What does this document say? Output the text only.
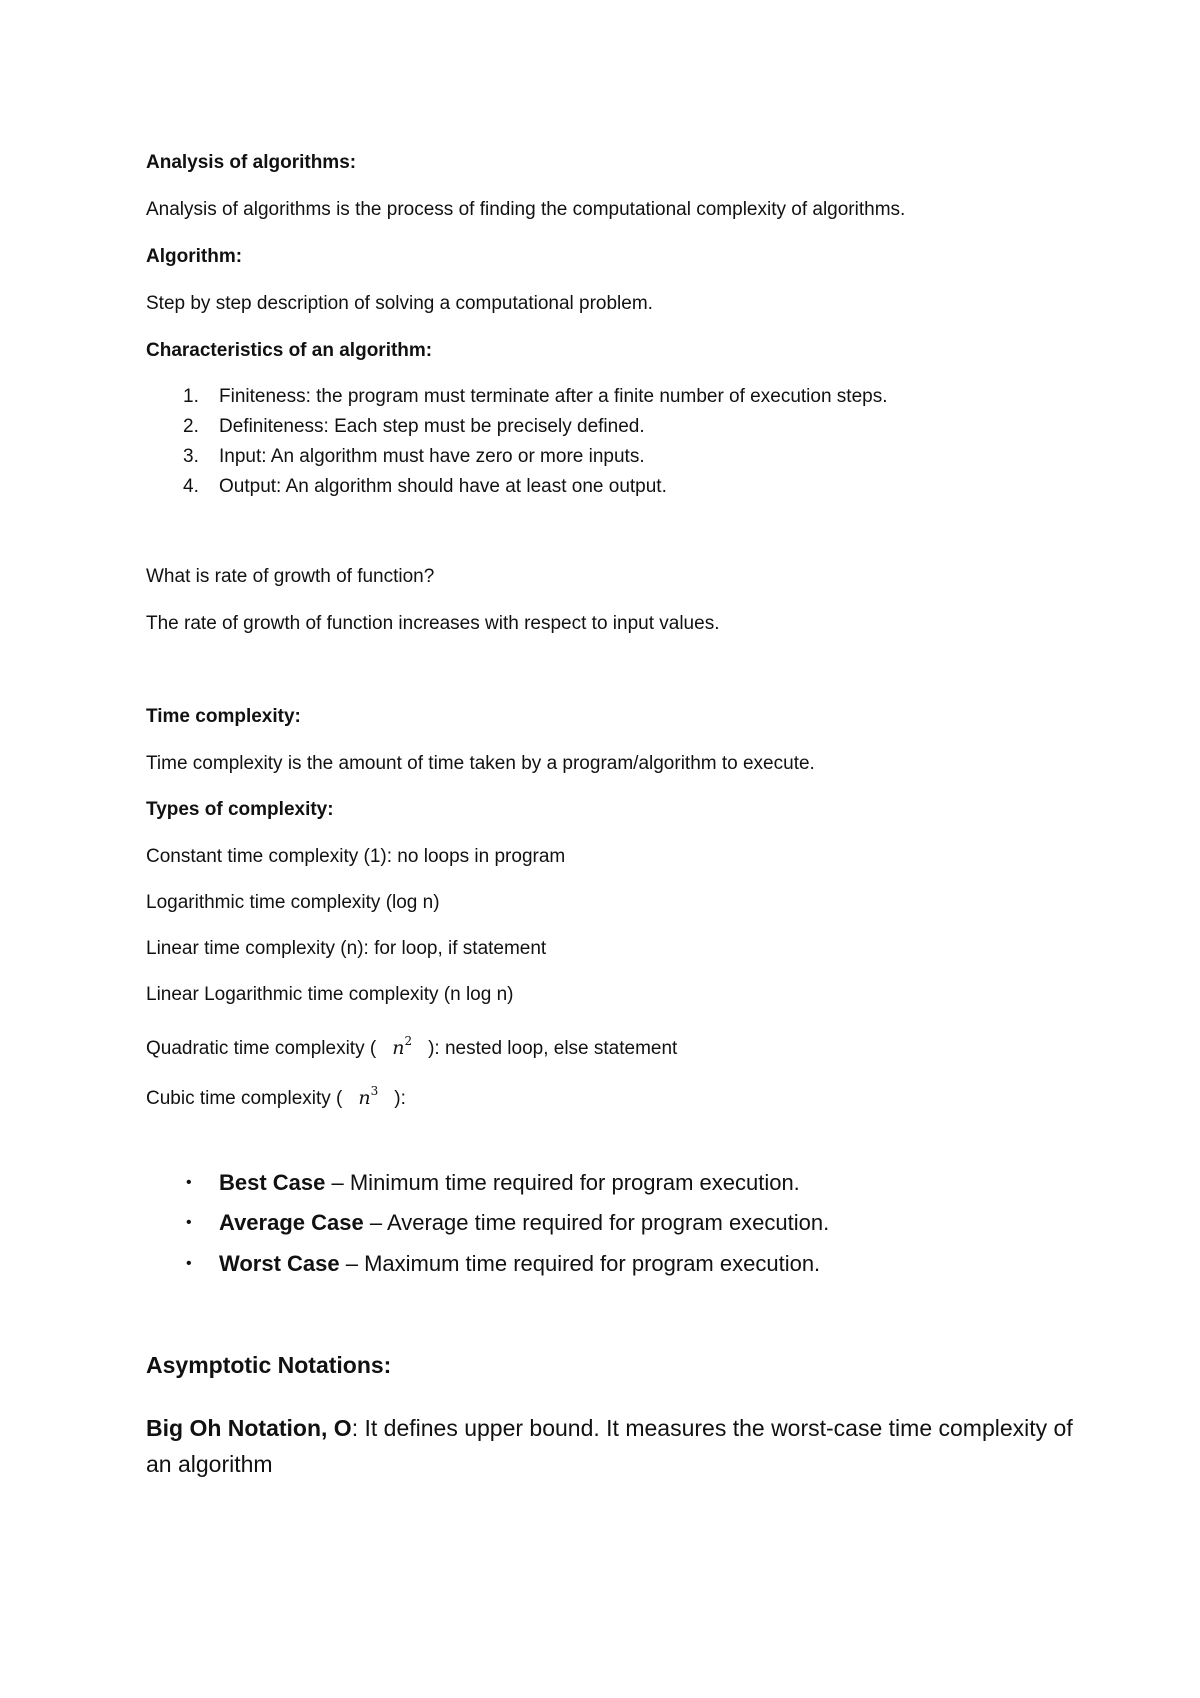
Analysis of algorithms:

Analysis of algorithms is the process of finding the computational complexity of algorithms.

Algorithm:

Step by step description of solving a computational problem.

Characteristics of an algorithm:

1. Finiteness: the program must terminate after a finite number of execution steps.
2. Definiteness: Each step must be precisely defined.
3. Input: An algorithm must have zero or more inputs.
4. Output: An algorithm should have at least one output.

What is rate of growth of function?

The rate of growth of function increases with respect to input values.

Time complexity:

Time complexity is the amount of time taken by a program/algorithm to execute.

Types of complexity:

Constant time complexity (1): no loops in program

Logarithmic time complexity (log n)

Linear time complexity (n): for loop, if statement

Linear Logarithmic time complexity (n log n)

Quadratic time complexity ( $n^2$ ): nested loop, else statement

Cubic time complexity ( $n^3$ ):

• Best Case – Minimum time required for program execution.
• Average Case – Average time required for program execution.
• Worst Case – Maximum time required for program execution.
Asymptotic Notations:
Big Oh Notation, O: It defines upper bound. It measures the worst-case time complexity of an algorithm
